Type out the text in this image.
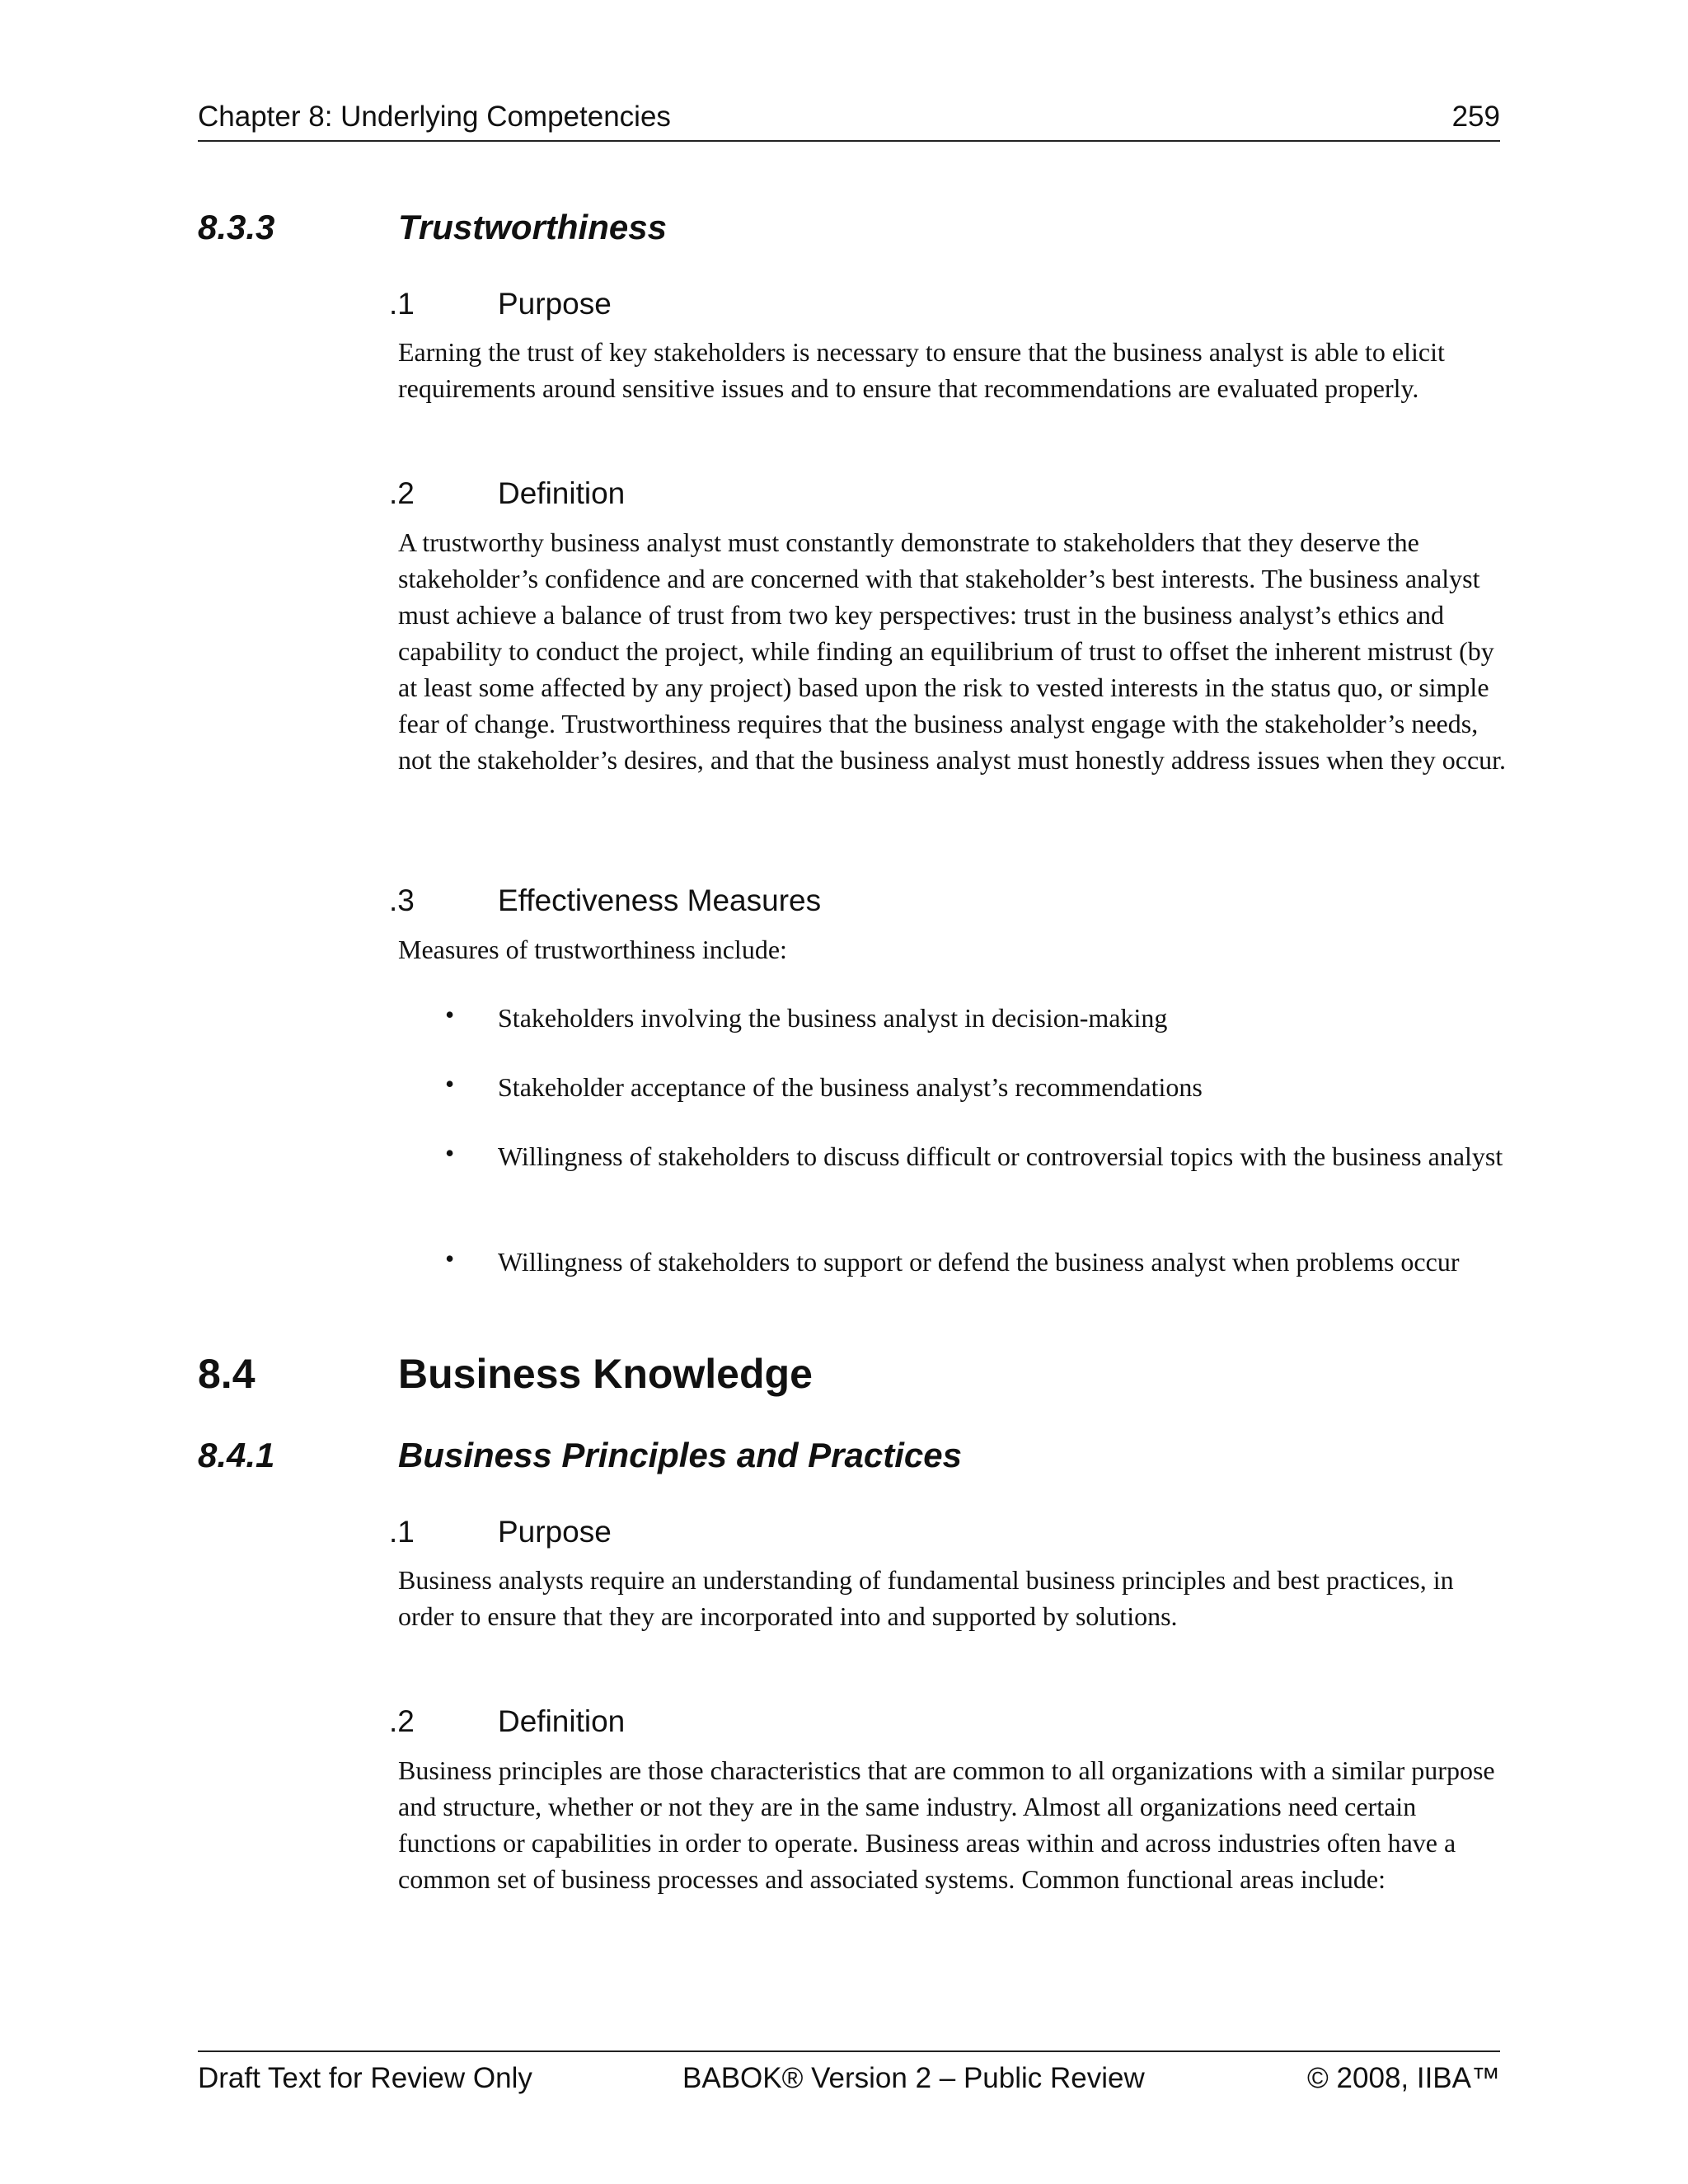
Chapter 8: Underlying Competencies	259
8.3.3	Trustworthiness
.1	Purpose
Earning the trust of key stakeholders is necessary to ensure that the business analyst is able to elicit requirements around sensitive issues and to ensure that recommendations are evaluated properly.
.2	Definition
A trustworthy business analyst must constantly demonstrate to stakeholders that they deserve the stakeholder’s confidence and are concerned with that stakeholder’s best interests. The business analyst must achieve a balance of trust from two key perspectives: trust in the business analyst’s ethics and capability to conduct the project, while finding an equilibrium of trust to offset the inherent mistrust (by at least some affected by any project) based upon the risk to vested interests in the status quo, or simple fear of change. Trustworthiness requires that the business analyst engage with the stakeholder’s needs, not the stakeholder’s desires, and that the business analyst must honestly address issues when they occur.
.3	Effectiveness Measures
Measures of trustworthiness include:
• Stakeholders involving the business analyst in decision-making
• Stakeholder acceptance of the business analyst’s recommendations
• Willingness of stakeholders to discuss difficult or controversial topics with the business analyst
• Willingness of stakeholders to support or defend the business analyst when problems occur
8.4	Business Knowledge
8.4.1	Business Principles and Practices
.1	Purpose
Business analysts require an understanding of fundamental business principles and best practices, in order to ensure that they are incorporated into and supported by solutions.
.2	Definition
Business principles are those characteristics that are common to all organizations with a similar purpose and structure, whether or not they are in the same industry. Almost all organizations need certain functions or capabilities in order to operate. Business areas within and across industries often have a common set of business processes and associated systems. Common functional areas include:
Draft Text for Review Only	BABOK® Version 2 – Public Review	© 2008, IIBA™
